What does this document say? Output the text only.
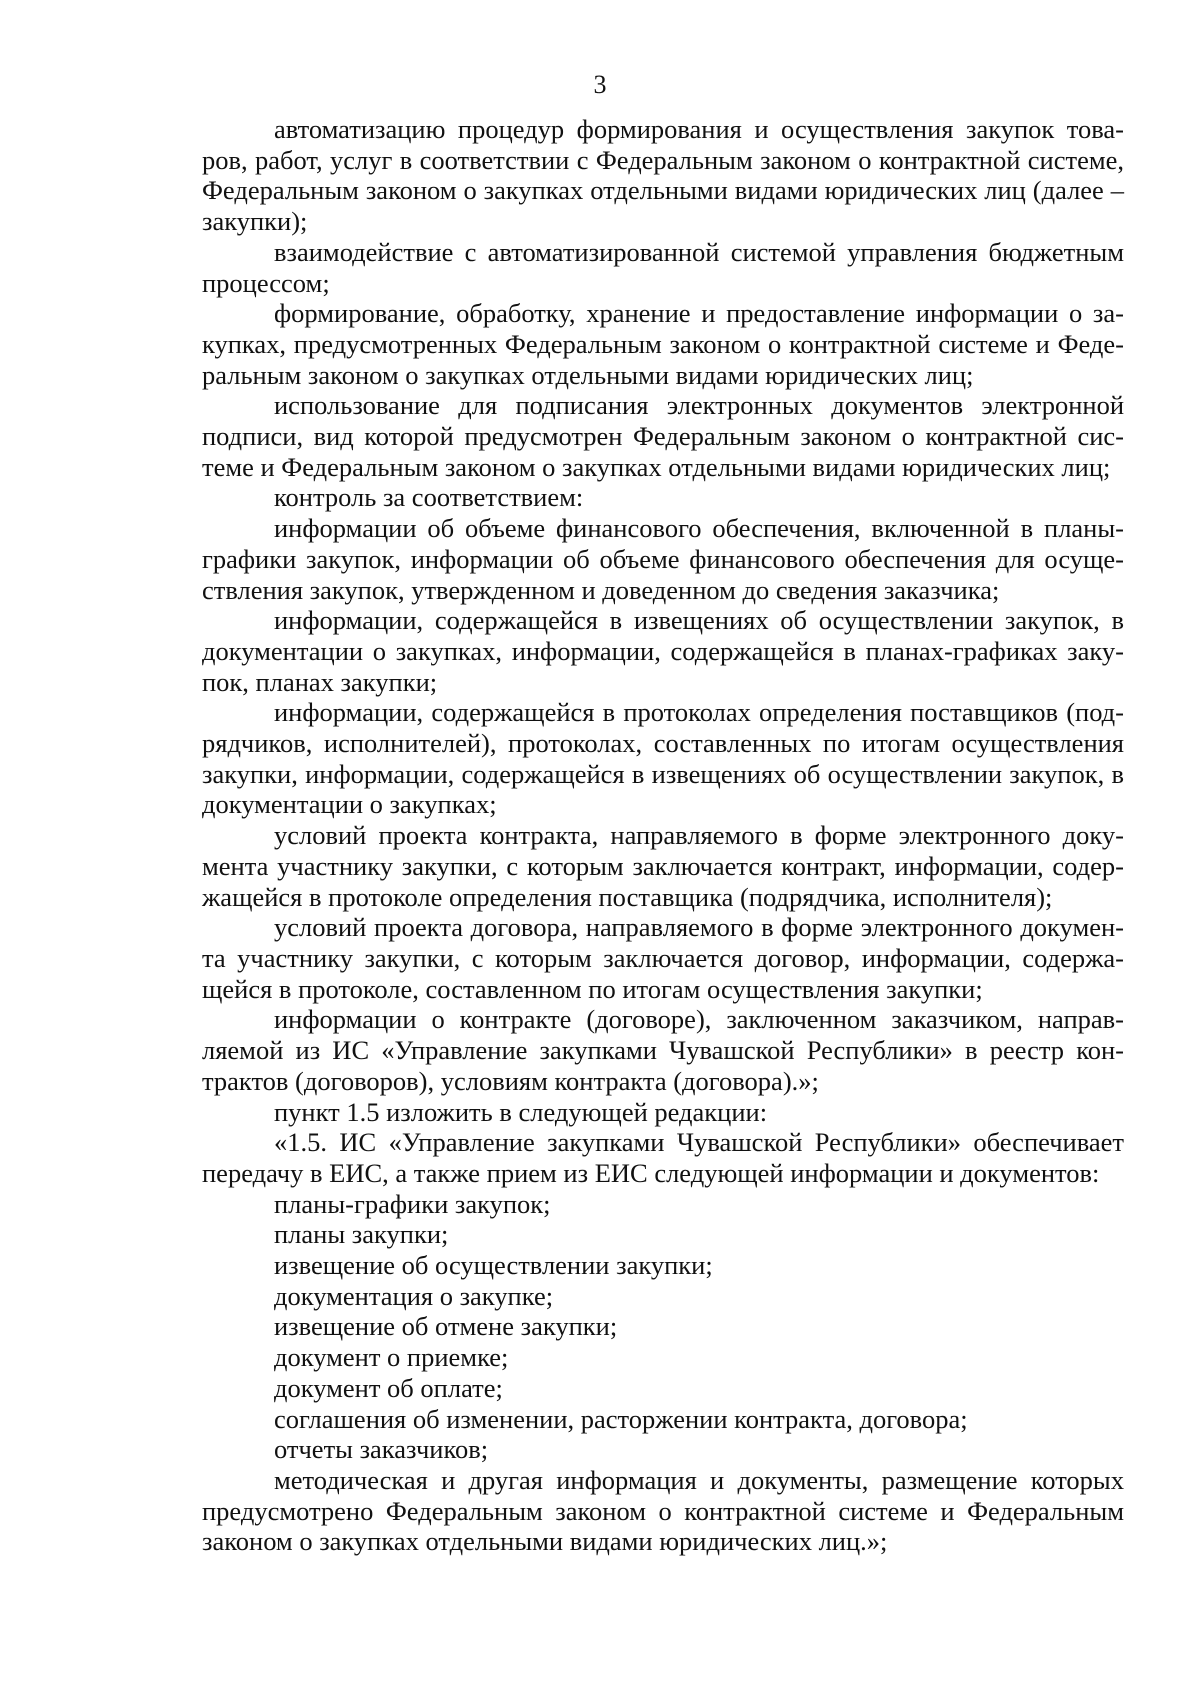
3

автоматизацию процедур формирования и осуществления закупок товаров, работ, услуг в соответствии с Федеральным законом о контрактной системе, Федеральным законом о закупках отдельными видами юридических лиц (далее – закупки);

взаимодействие с автоматизированной системой управления бюджетным процессом;

формирование, обработку, хранение и предоставление информации о закупках, предусмотренных Федеральным законом о контрактной системе и Федеральным законом о закупках отдельными видами юридических лиц;

использование для подписания электронных документов электронной подписи, вид которой предусмотрен Федеральным законом о контрактной системе и Федеральным законом о закупках отдельными видами юридических лиц;

контроль за соответствием:

информации об объеме финансового обеспечения, включенной в планы-графики закупок, информации об объеме финансового обеспечения для осуществления закупок, утвержденном и доведенном до сведения заказчика;

информации, содержащейся в извещениях об осуществлении закупок, в документации о закупках, информации, содержащейся в планах-графиках закупок, планах закупки;

информации, содержащейся в протоколах определения поставщиков (подрядчиков, исполнителей), протоколах, составленных по итогам осуществления закупки, информации, содержащейся в извещениях об осуществлении закупок, в документации о закупках;

условий проекта контракта, направляемого в форме электронного документа участнику закупки, с которым заключается контракт, информации, содержащейся в протоколе определения поставщика (подрядчика, исполнителя);

условий проекта договора, направляемого в форме электронного документа участнику закупки, с которым заключается договор, информации, содержащейся в протоколе, составленном по итогам осуществления закупки;

информации о контракте (договоре), заключенном заказчиком, направляемой из ИС «Управление закупками Чувашской Республики» в реестр контрактов (договоров), условиям контракта (договора).»;

пункт 1.5 изложить в следующей редакции:

«1.5. ИС «Управление закупками Чувашской Республики» обеспечивает передачу в ЕИС, а также прием из ЕИС следующей информации и документов:

планы-графики закупок;

планы закупки;

извещение об осуществлении закупки;

документация о закупке;

извещение об отмене закупки;

документ о приемке;

документ об оплате;

соглашения об изменении, расторжении контракта, договора;

отчеты заказчиков;

методическая и другая информация и документы, размещение которых предусмотрено Федеральным законом о контрактной системе и Федеральным законом о закупках отдельными видами юридических лиц.»;
